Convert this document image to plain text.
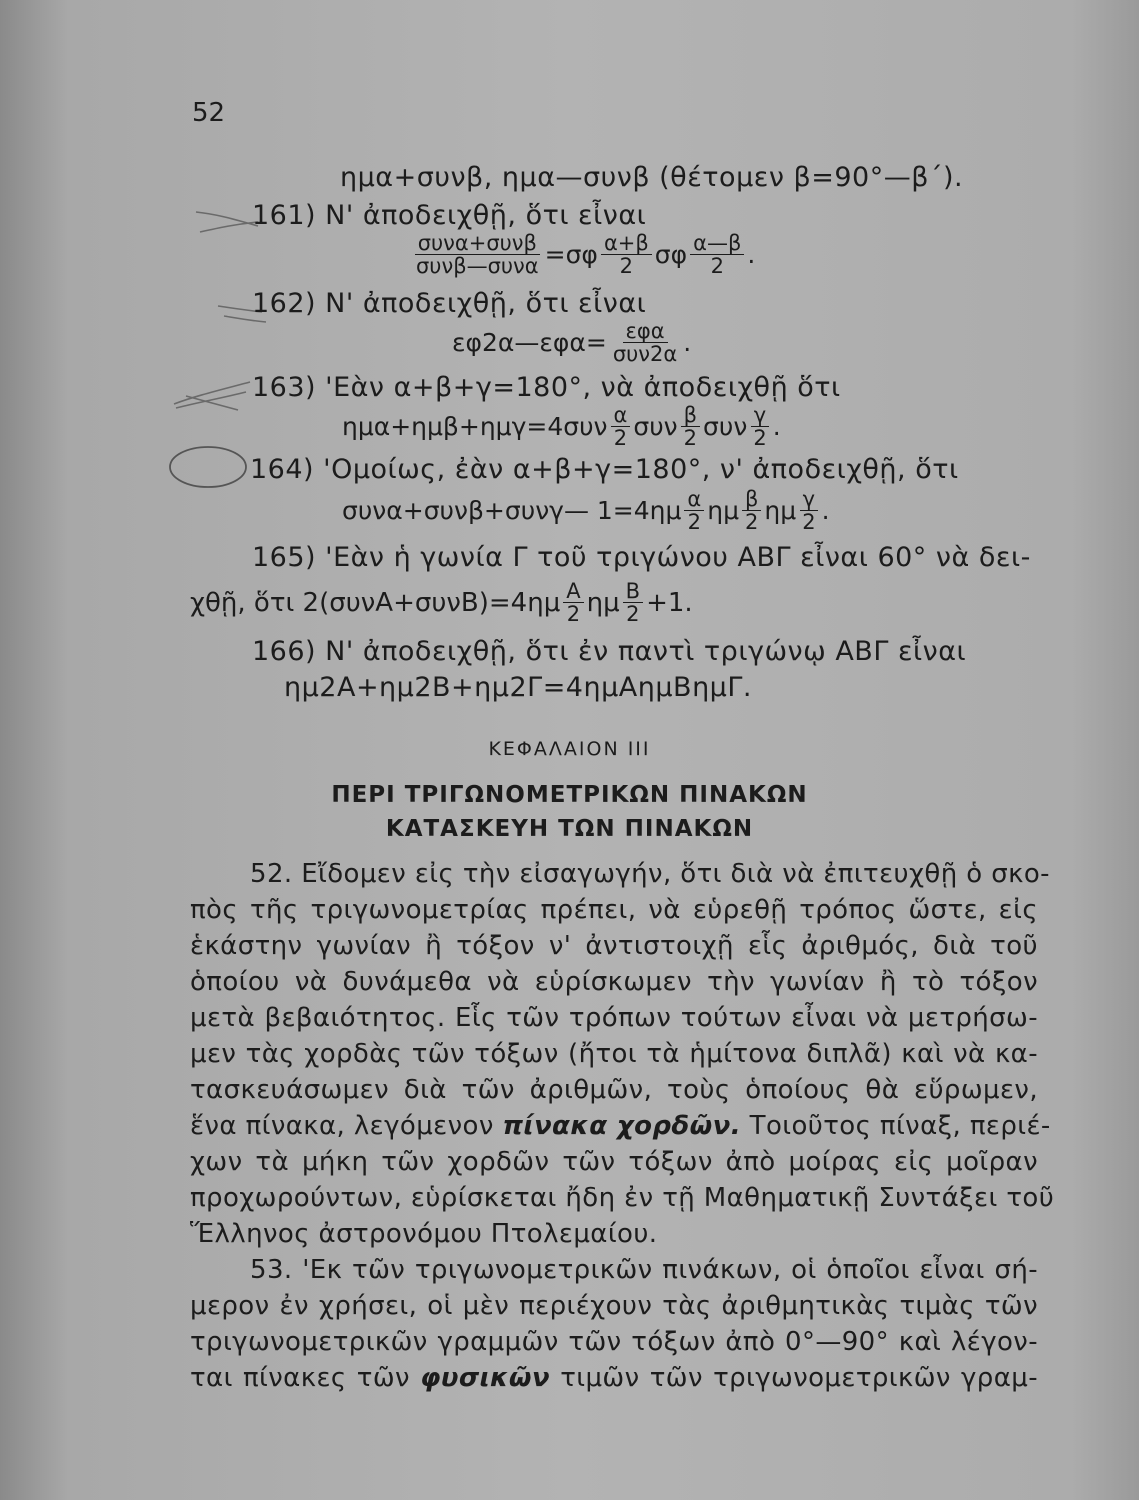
52
ημα+συνβ, ημα—συνβ (θέτομεν β=90°—β΄).
161) Ν' ἀποδειχθῇ, ὅτι εἶναι
$\frac{\text{συνα+συνβ}}{\text{συνβ—συνα}} =\sigma\varphi \frac{\alpha+\beta}{2}$ σφ $\frac{\alpha—\beta}{2}$ .
162) Ν' ἀποδειχθῇ, ὅτι εἶναι
εφ2α—εφα= $\frac{\text{εφα}}{\text{συν2α}}$ .
163) 'Εὰν α+β+γ=180°, νὰ ἀποδειχθῇ ὅτι
$\eta\mu\alpha+\eta\mu\beta+\eta\mu\gamma=4\sigma\upsilon\nu \frac{\alpha}{2}$ συν $\frac{\beta}{2}$ συν $\frac{\gamma}{2}$ .
164) 'Ομοίως, ἐὰν α+β+γ=180°, ν' ἀποδειχθῇ, ὅτι
συνα+συνβ+συνγ— $1=4\eta\mu \frac{\alpha}{2}$ ημ $\frac{\beta}{2}$ ημ $\frac{\gamma}{2}$ .
165) 'Εὰν ἡ γωνία Γ τοῦ τριγώνου ΑΒΓ εἶναι 60° νὰ δει-
χθῇ, ὅτι $2(\sigma\upsilon\nu A+\sigma\upsilon\nu B)=4\eta\mu \frac{A}{2}$ ημ $\frac{B}{2} +1$.
166) Ν' ἀποδειχθῇ, ὅτι ἐν παντὶ τριγώνῳ ΑΒΓ εἶναι
ημ2Α+ημ2Β+ημ2Γ=4ημΑημΒημΓ.
ΚΕΦΑΛΑΙΟΝ ΙΙΙ
ΠΕΡΙ ΤΡΙΓΩΝΟΜΕΤΡΙΚΩΝ ΠΙΝΑΚΩΝ
ΚΑΤΑΣΚΕΥΗ ΤΩΝ ΠΙΝΑΚΩΝ
52. Εἴδομεν εἰς τὴν εἰσαγωγήν, ὅτι διὰ νὰ ἐπιτευχθῇ ὁ σκο-
πὸς τῆς τριγωνομετρίας πρέπει, νὰ εὑρεθῇ τρόπος ὥστε, εἰς
ἑκάστην γωνίαν ἢ τόξον ν' ἀντιστοιχῇ εἷς ἀριθμός, διὰ τοῦ
ὁποίου νὰ δυνάμεθα νὰ εὑρίσκωμεν τὴν γωνίαν ἢ τὸ τόξον
μετὰ βεβαιότητος. Εἷς τῶν τρόπων τούτων εἶναι νὰ μετρήσω-
μεν τὰς χορδὰς τῶν τόξων (ἤτοι τὰ ἡμίτονα διπλᾶ) καὶ νὰ κα-
τασκευάσωμεν διὰ τῶν ἀριθμῶν, τοὺς ὁποίους θὰ εὕρωμεν,
ἕνα πίνακα, λεγόμενον πίνακα χορδῶν. Τοιοῦτος πίναξ, περιέ-
χων τὰ μήκη τῶν χορδῶν τῶν τόξων ἀπὸ μοίρας εἰς μοῖραν
προχωρούντων, εὑρίσκεται ἤδη ἐν τῇ Μαθηματικῇ Συντάξει τοῦ
Ἕλληνος ἀστρονόμου Πτολεμαίου.
53. 'Εκ τῶν τριγωνομετρικῶν πινάκων, οἱ ὁποῖοι εἶναι σή-
μερον ἐν χρήσει, οἱ μὲν περιέχουν τὰς ἀριθμητικὰς τιμὰς τῶν
τριγωνομετρικῶν γραμμῶν τῶν τόξων ἀπὸ 0°—90° καὶ λέγον-
ται πίνακες τῶν φυσικῶν τιμῶν τῶν τριγωνομετρικῶν γραμ-
